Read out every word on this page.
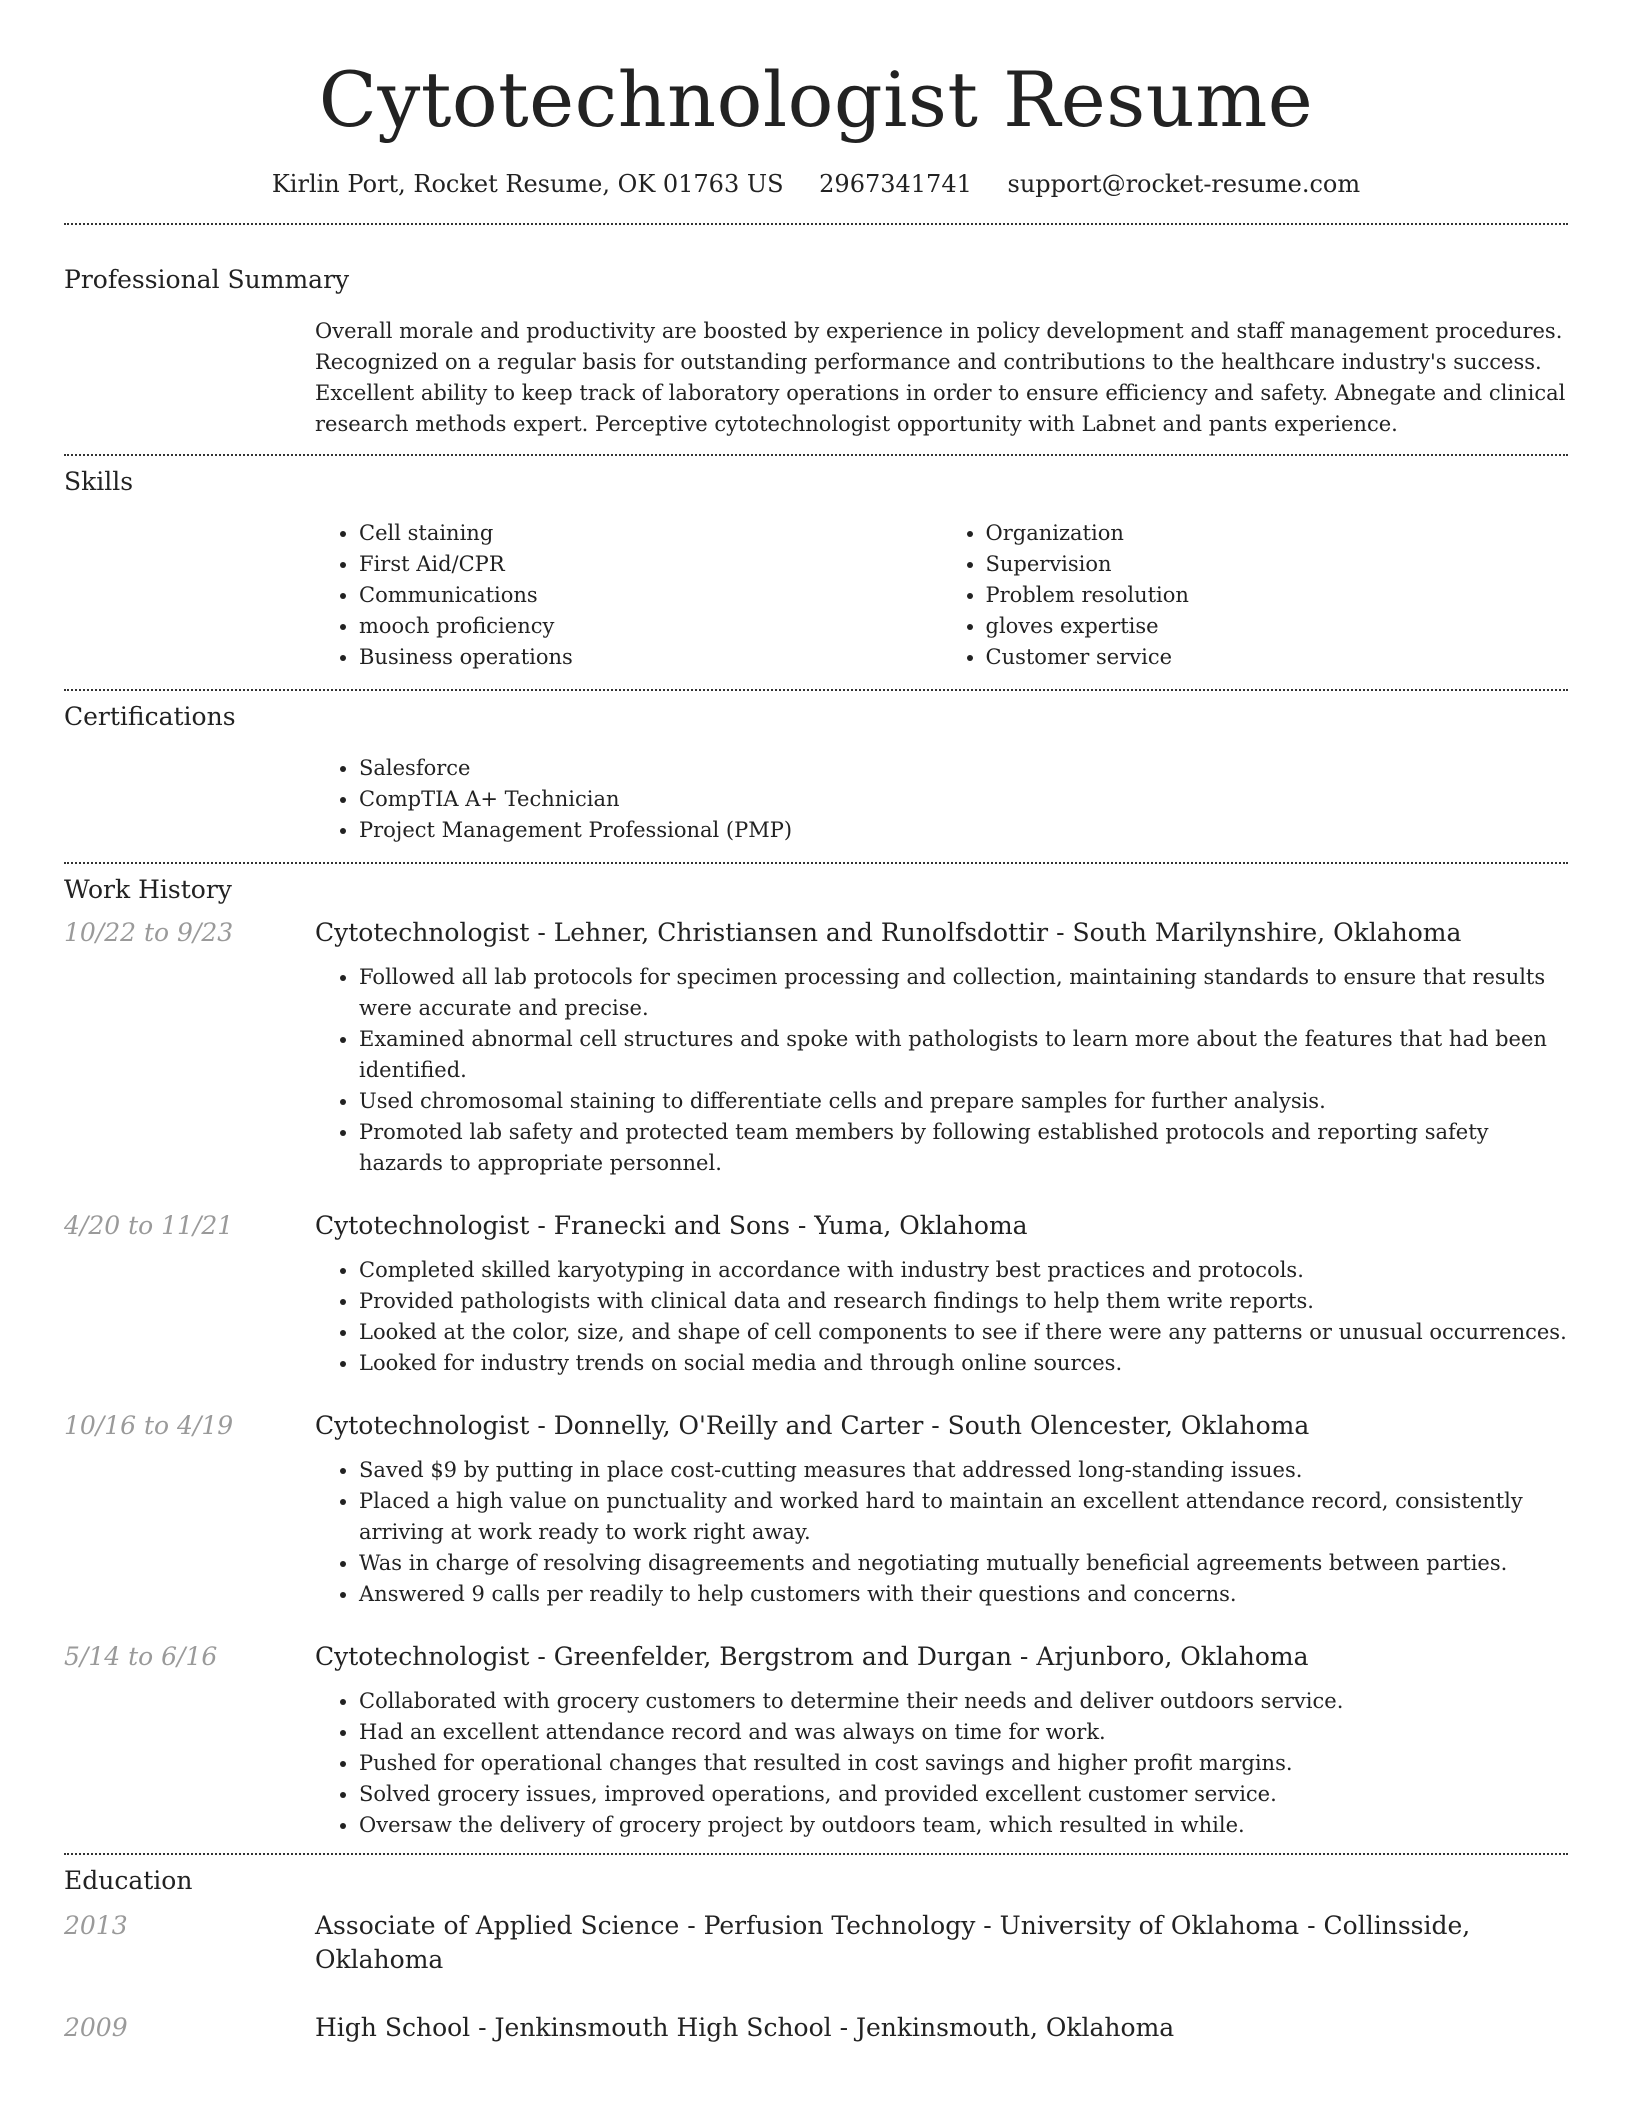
Cytotechnologist Resume
Kirlin Port, Rocket Resume, OK 01763 US 2967341741 support@rocket-resume.com
Professional Summary

Overall morale and productivity are boosted by experience in policy development and staff management procedures. Recognized on a regular basis for outstanding performance and contributions to the healthcare industry's success. Excellent ability to keep track of laboratory operations in order to ensure efficiency and safety. Abnegate and clinical research methods expert. Perceptive cytotechnologist opportunity with Labnet and pants experience.

Skills
• Cell staining
• First Aid/CPR
• Communications
• mooch proficiency
• Business operations
• Organization
• Supervision
• Problem resolution
• gloves expertise
• Customer service
Certifications
• Salesforce
• CompTIA A+ Technician
• Project Management Professional (PMP)
Work History
10/22 to 9/23	Cytotechnologist - Lehner, Christiansen and Runolfsdottir - South Marilynshire, Oklahoma
• Followed all lab protocols for specimen processing and collection, maintaining standards to ensure that results were accurate and precise.
• Examined abnormal cell structures and spoke with pathologists to learn more about the features that had been identified.
• Used chromosomal staining to differentiate cells and prepare samples for further analysis.
• Promoted lab safety and protected team members by following established protocols and reporting safety hazards to appropriate personnel.
4/20 to 11/21	Cytotechnologist - Franecki and Sons - Yuma, Oklahoma
• Completed skilled karyotyping in accordance with industry best practices and protocols.
• Provided pathologists with clinical data and research findings to help them write reports.
• Looked at the color, size, and shape of cell components to see if there were any patterns or unusual occurrences.
• Looked for industry trends on social media and through online sources.
10/16 to 4/19	Cytotechnologist - Donnelly, O'Reilly and Carter - South Olencester, Oklahoma
• Saved $9 by putting in place cost-cutting measures that addressed long-standing issues.
• Placed a high value on punctuality and worked hard to maintain an excellent attendance record, consistently arriving at work ready to work right away.
• Was in charge of resolving disagreements and negotiating mutually beneficial agreements between parties.
• Answered 9 calls per readily to help customers with their questions and concerns.
5/14 to 6/16	Cytotechnologist - Greenfelder, Bergstrom and Durgan - Arjunboro, Oklahoma
• Collaborated with grocery customers to determine their needs and deliver outdoors service.
• Had an excellent attendance record and was always on time for work.
• Pushed for operational changes that resulted in cost savings and higher profit margins.
• Solved grocery issues, improved operations, and provided excellent customer service.
• Oversaw the delivery of grocery project by outdoors team, which resulted in while.
Education
2013	Associate of Applied Science - Perfusion Technology - University of Oklahoma - Collinsside, Oklahoma
2009	High School - Jenkinsmouth High School - Jenkinsmouth, Oklahoma
